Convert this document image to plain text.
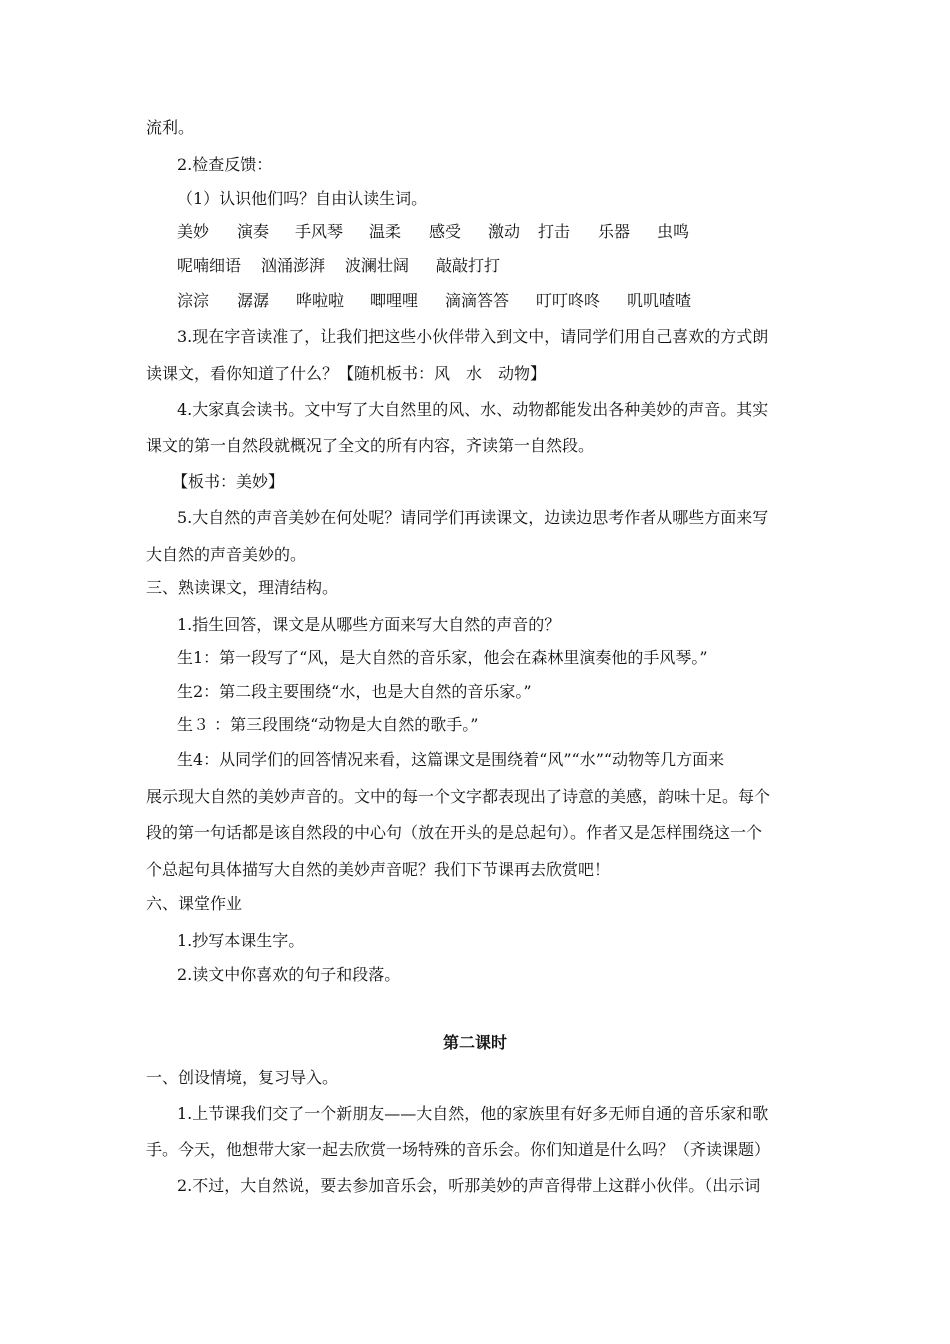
流利。
2.检查反馈：
（1）认识他们吗？自由认读生词。
美妙 演奏 手风琴 温柔 感受 激动 打击 乐器 虫鸣
呢喃细语 汹涌澎湃 波澜壮阔 敲敲打打
淙淙 潺潺 哗啦啦 唧哩哩 滴滴答答 叮叮咚咚 叽叽喳喳
3.现在字音读准了，让我们把这些小伙伴带入到文中，请同学们用自己喜欢的方式朗
读课文，看你知道了什么？【随机板书：风　水　动物】
4.大家真会读书。文中写了大自然里的风、水、动物都能发出各种美妙的声音。其实
课文的第一自然段就概况了全文的所有内容，齐读第一自然段。
【板书：美妙】
5.大自然的声音美妙在何处呢？请同学们再读课文，边读边思考作者从哪些方面来写
大自然的声音美妙的。
三、熟读课文，理清结构。
1.指生回答，课文是从哪些方面来写大自然的声音的？
生1：第一段写了“风，是大自然的音乐家，他会在森林里演奏他的手风琴。”
生2：第二段主要围绕“水，也是大自然的音乐家。”
生３ ：第三段围绕“动物是大自然的歌手。”
生4：从同学们的回答情况来看，这篇课文是围绕着“风”“水”“动物等几方面来
展示现大自然的美妙声音的。文中的每一个文字都表现出了诗意的美感，韵味十足。每个
段的第一句话都是该自然段的中心句（放在开头的是总起句）。作者又是怎样围绕这一个
个总起句具体描写大自然的美妙声音呢？我们下节课再去欣赏吧！
六、课堂作业
1.抄写本课生字。
2.读文中你喜欢的句子和段落。
第二课时
一、创设情境，复习导入。
1.上节课我们交了一个新朋友——大自然，他的家族里有好多无师自通的音乐家和歌
手。今天，他想带大家一起去欣赏一场特殊的音乐会。你们知道是什么吗？（齐读课题）
2.不过，大自然说，要去参加音乐会，听那美妙的声音得带上这群小伙伴。（出示词
